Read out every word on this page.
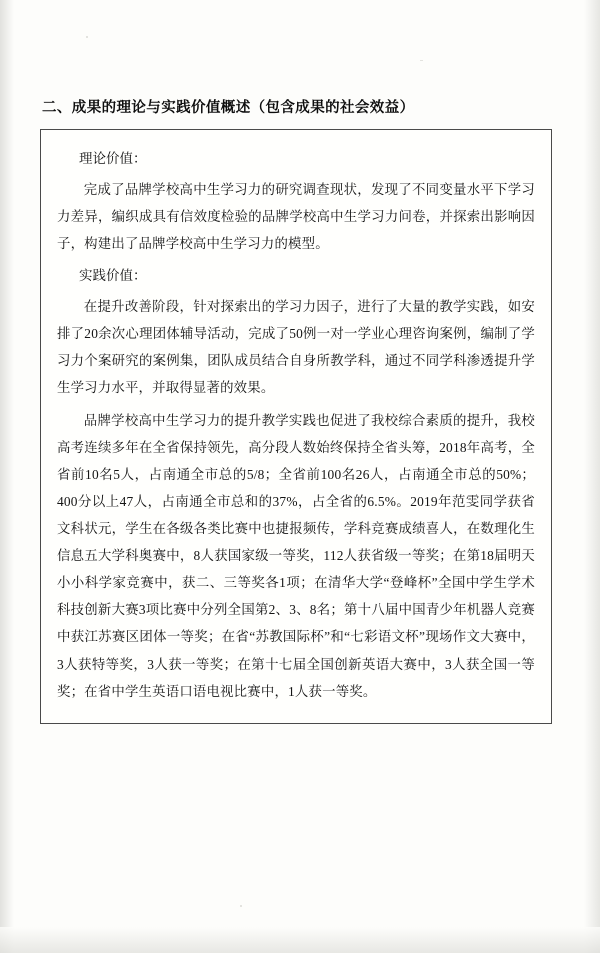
二、成果的理论与实践价值概述（包含成果的社会效益）

理论价值：

完成了品牌学校高中生学习力的研究调查现状，发现了不同变量水平下学习力差异，编织成具有信效度检验的品牌学校高中生学习力问卷，并探索出影响因子，构建出了品牌学校高中生学习力的模型。

实践价值：

在提升改善阶段，针对探索出的学习力因子，进行了大量的教学实践，如安排了20余次心理团体辅导活动，完成了50例一对一学业心理咨询案例，编制了学习力个案研究的案例集，团队成员结合自身所教学科，通过不同学科渗透提升学生学习力水平，并取得显著的效果。

品牌学校高中生学习力的提升教学实践也促进了我校综合素质的提升，我校高考连续多年在全省保持领先，高分段人数始终保持全省头筹，2018年高考，全省前10名5人，占南通全市总的5/8；全省前100名26人，占南通全市总的50%；400分以上47人，占南通全市总和的37%，占全省的6.5%。2019年范雯同学获省文科状元，学生在各级各类比赛中也捷报频传，学科竞赛成绩喜人，在数理化生信息五大学科奥赛中，8人获国家级一等奖，112人获省级一等奖；在第18届明天小小科学家竞赛中，获二、三等奖各1项；在清华大学“登峰杯”全国中学生学术科技创新大赛3项比赛中分列全国第2、3、8名；第十八届中国青少年机器人竞赛中获江苏赛区团体一等奖；在省“苏教国际杯”和“七彩语文杯”现场作文大赛中，3人获特等奖，3人获一等奖；在第十七届全国创新英语大赛中，3人获全国一等奖；在省中学生英语口语电视比赛中，1人获一等奖。
